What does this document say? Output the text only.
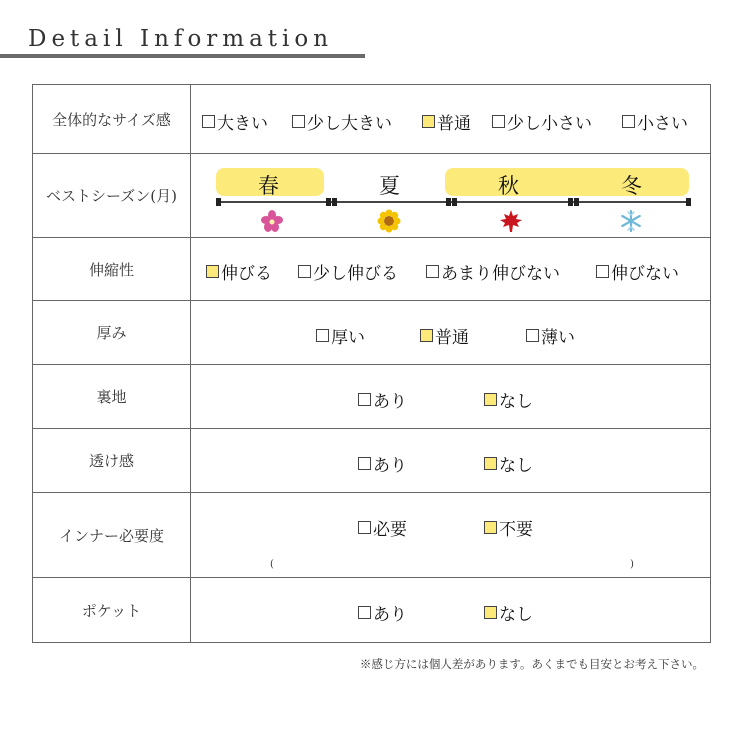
Detail Information
全体的なサイズ感	大きい 少し大きい	普通 少し小さい	小さい
ベストシーズン(月)	春	夏	秋	冬
伸縮性	伸びる 少し伸びる	あまり伸びない	伸びない
厚み	厚い	普通	薄い
裏地	あり	なし
透け感	あり	なし
インナー必要度	必要	不要
(	)
ポケット	あり	なし
※感じ方には個人差があります。あくまでも目安とお考え下さい。
